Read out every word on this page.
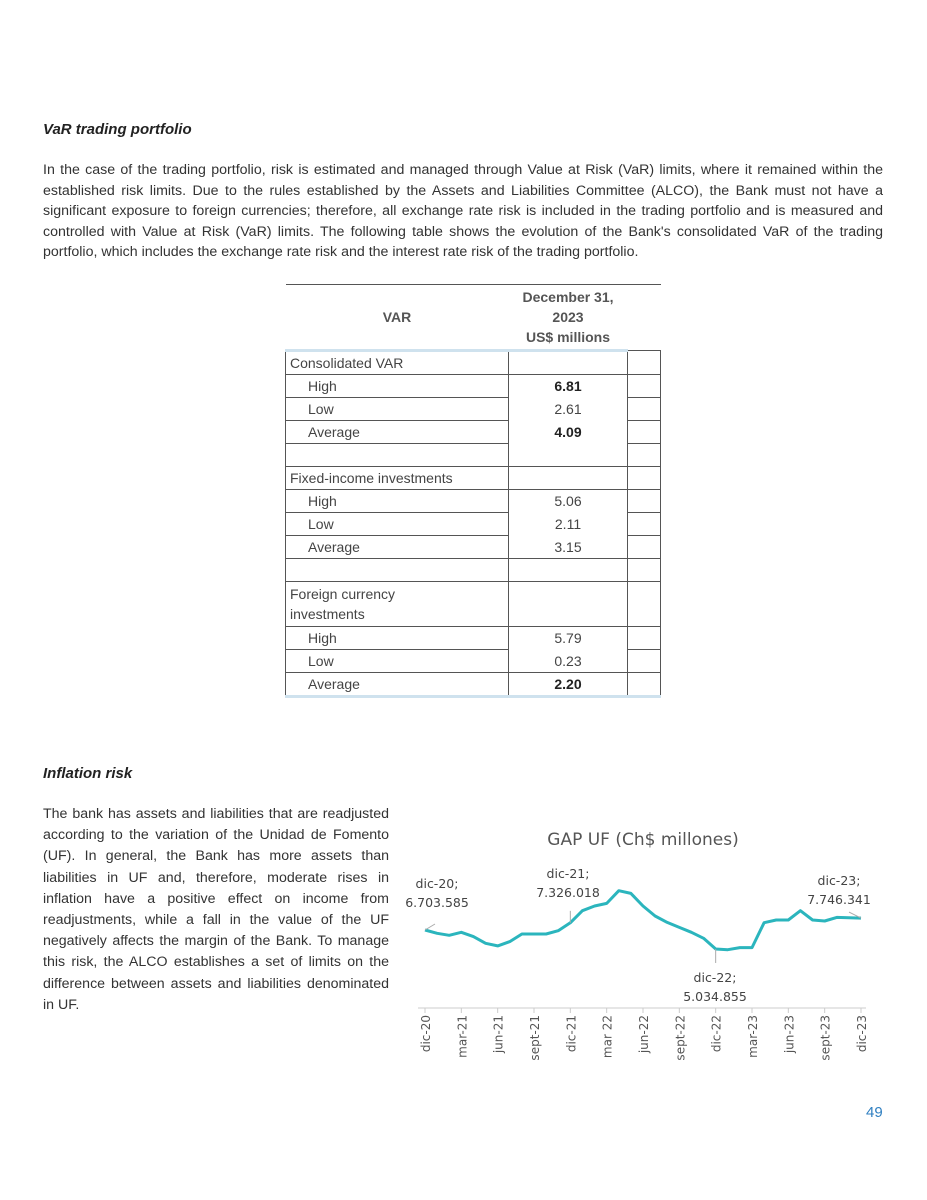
VaR trading portfolio
In the case of the trading portfolio, risk is estimated and managed through Value at Risk (VaR) limits, where it remained within the established risk limits. Due to the rules established by the Assets and Liabilities Committee (ALCO), the Bank must not have a significant exposure to foreign currencies; therefore, all exchange rate risk is included in the trading portfolio and is measured and controlled with Value at Risk (VaR) limits. The following table shows the evolution of the Bank's consolidated VaR of the trading portfolio, which includes the exchange rate risk and the interest rate risk of the trading portfolio.
VAR	December 31,
2023
US$ millions	
Consolidated VAR		
High	6.81	
Low	2.61	
Average	4.09	

Fixed-income investments		
High	5.06	
Low	2.11	
Average	3.15	

Foreign currency investments		
High	5.79	
Low	0.23	
Average	2.20	
Inflation risk
The bank has assets and liabilities that are readjusted according to the variation of the Unidad de Fomento (UF). In general, the Bank has more assets than liabilities in UF and, therefore, moderate rises in inflation have a positive effect on income from readjustments, while a fall in the value of the UF negatively affects the margin of the Bank. To manage this risk, the ALCO establishes a set of limits on the difference between assets and liabilities denominated in UF.
GAP UF (Ch$ millones)
dic-20 mar-21 jun-21 sept-21 dic-21 mar 22 jun-22 sept-22 dic-22 mar-23 jun-23 sept-23 dic-23
dic-20;
6.703.585
dic-21;
7.326.018
dic-22;
5.034.855
dic-23;
7.746.341
49
